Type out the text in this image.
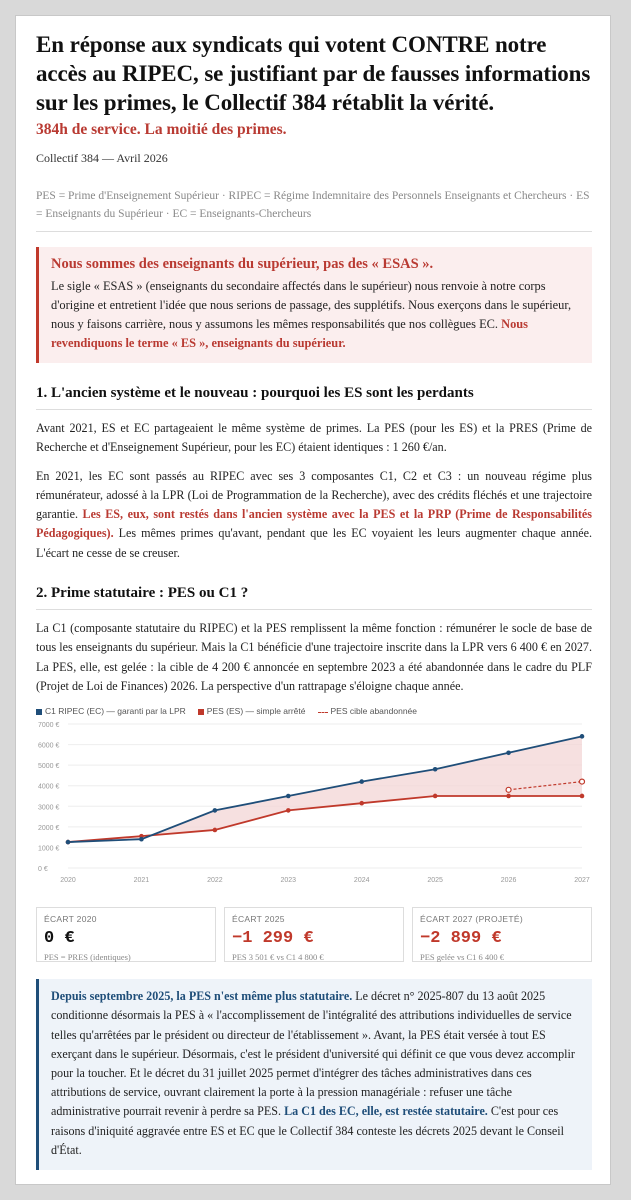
En réponse aux syndicats qui votent CONTRE notre accès au RIPEC, se justifiant par de fausses informations sur les primes, le Collectif 384 rétablit la vérité.
384h de service. La moitié des primes.
Collectif 384 — Avril 2026
PES = Prime d'Enseignement Supérieur · RIPEC = Régime Indemnitaire des Personnels Enseignants et Chercheurs · ES = Enseignants du Supérieur · EC = Enseignants-Chercheurs
Nous sommes des enseignants du supérieur, pas des « ESAS ».
Le sigle « ESAS » (enseignants du secondaire affectés dans le supérieur) nous renvoie à notre corps d'origine et entretient l'idée que nous serions de passage, des supplétifs. Nous exerçons dans le supérieur, nous y faisons carrière, nous y assumons les mêmes responsabilités que nos collègues EC. Nous revendiquons le terme « ES », enseignants du supérieur.
1. L'ancien système et le nouveau : pourquoi les ES sont les perdants

Avant 2021, ES et EC partageaient le même système de primes. La PES (pour les ES) et la PRES (Prime de Recherche et d'Enseignement Supérieur, pour les EC) étaient identiques : 1 260 €/an.

En 2021, les EC sont passés au RIPEC avec ses 3 composantes C1, C2 et C3 : un nouveau régime plus rémunérateur, adossé à la LPR (Loi de Programmation de la Recherche), avec des crédits fléchés et une trajectoire garantie. Les ES, eux, sont restés dans l'ancien système avec la PES et la PRP (Prime de Responsabilités Pédagogiques). Les mêmes primes qu'avant, pendant que les EC voyaient les leurs augmenter chaque année. L'écart ne cesse de se creuser.

2. Prime statutaire : PES ou C1 ?

La C1 (composante statutaire du RIPEC) et la PES remplissent la même fonction : rémunérer le socle de base de tous les enseignants du supérieur. Mais la C1 bénéficie d'une trajectoire inscrite dans la LPR vers 6 400 € en 2027. La PES, elle, est gelée : la cible de 4 200 € annoncée en septembre 2023 a été abandonnée dans le cadre du PLF (Projet de Loi de Finances) 2026. La perspective d'un rattrapage s'éloigne chaque année.

C1 RIPEC (EC) — garanti par la LPR	PES (ES) — simple arrêté	PES cible abandonnée
0 €
1000 €
2000 €
3000 €
4000 €
5000 €
6000 €
7000 €
2020	2021	2022	2023	2024	2025	2026	2027
ÉCART 2020
0 €
PES = PRES (identiques)
ÉCART 2025
−1 299 €
PES 3 501 € vs C1 4 800 €
ÉCART 2027 (PROJETÉ)
−2 899 €
PES gelée vs C1 6 400 €
Depuis septembre 2025, la PES n'est même plus statutaire. Le décret n° 2025-807 du 13 août 2025 conditionne désormais la PES à « l'accomplissement de l'intégralité des attributions individuelles de service telles qu'arrêtées par le président ou directeur de l'établissement ». Avant, la PES était versée à tout ES exerçant dans le supérieur. Désormais, c'est le président d'université qui définit ce que vous devez accomplir pour la toucher. Et le décret du 31 juillet 2025 permet d'intégrer des tâches administratives dans ces attributions de service, ouvrant clairement la porte à la pression managériale : refuser une tâche administrative pourrait revenir à perdre sa PES. La C1 des EC, elle, est restée statutaire. C'est pour ces raisons d'iniquité aggravée entre ES et EC que le Collectif 384 conteste les décrets 2025 devant le Conseil d'État.
